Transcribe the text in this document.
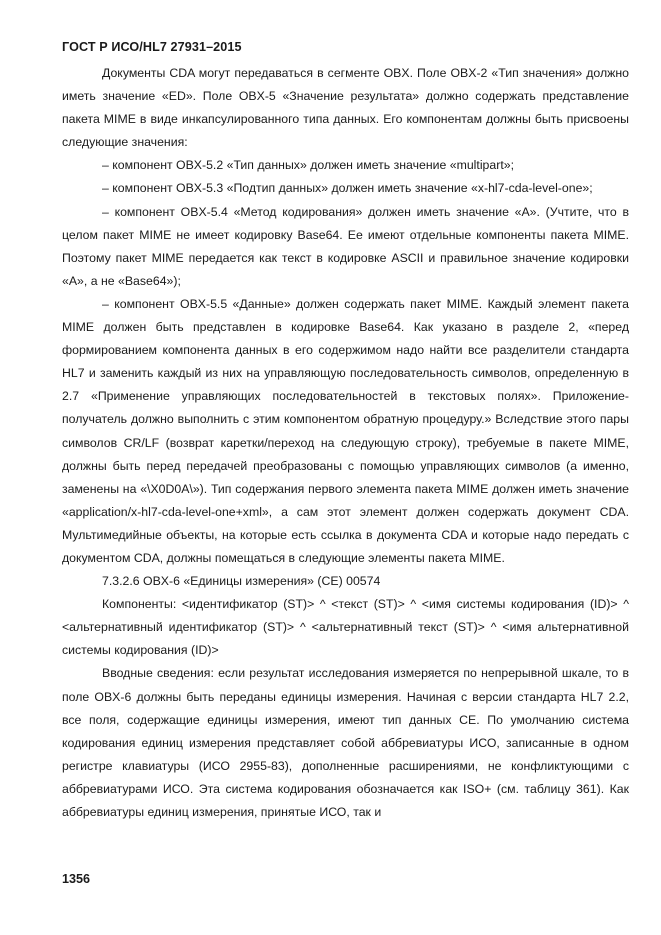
ГОСТ Р ИСО/HL7 27931–2015

Документы CDA могут передаваться в сегменте OBX. Поле OBX-2 «Тип значения» должно иметь значение «ED». Поле OBX-5 «Значение результата» должно содержать представление пакета MIME в виде инкапсулированного типа данных. Его компонентам должны быть присвоены следующие значения:

– компонент OBX-5.2 «Тип данных» должен иметь значение «multipart»;

– компонент OBX-5.3 «Подтип данных» должен иметь значение «x-hl7-cda-level-one»;

– компонент OBX-5.4 «Метод кодирования» должен иметь значение «A». (Учтите, что в целом пакет MIME не имеет кодировку Base64. Ее имеют отдельные компоненты пакета MIME. Поэтому пакет MIME передается как текст в кодировке ASCII и правильное значение кодировки «A», а не «Base64»);

– компонент OBX-5.5 «Данные» должен содержать пакет MIME. Каждый элемент пакета MIME должен быть представлен в кодировке Base64. Как указано в разделе 2, «перед формированием компонента данных в его содержимом надо найти все разделители стандарта HL7 и заменить каждый из них на управляющую последовательность символов, определенную в 2.7 «Применение управляющих последовательностей в текстовых полях». Приложение-получатель должно выполнить с этим компонентом обратную процедуру.» Вследствие этого пары символов CR/LF (возврат каретки/переход на следующую строку), требуемые в пакете MIME, должны быть перед передачей преобразованы с помощью управляющих символов (а именно, заменены на «\X0D0A\»). Тип содержания первого элемента пакета MIME должен иметь значение «application/x-hl7-cda-level-one+xml», а сам этот элемент должен содержать документ CDA. Мультимедийные объекты, на которые есть ссылка в документа CDA и которые надо передать с документом CDA, должны помещаться в следующие элементы пакета MIME.

7.3.2.6 OBX-6 «Единицы измерения» (CE) 00574

Компоненты: <идентификатор (ST)> ^ <текст (ST)> ^ <имя системы кодирования (ID)> ^ <альтернативный идентификатор (ST)> ^ <альтернативный текст (ST)> ^ <имя альтернативной системы кодирования (ID)>

Вводные сведения: если результат исследования измеряется по непрерывной шкале, то в поле OBX-6 должны быть переданы единицы измерения. Начиная с версии стандарта HL7 2.2, все поля, содержащие единицы измерения, имеют тип данных CE. По умолчанию система кодирования единиц измерения представляет собой аббревиатуры ИСО, записанные в одном регистре клавиатуры (ИСО 2955-83), дополненные расширениями, не конфликтующими с аббревиатурами ИСО. Эта система кодирования обозначается как ISO+ (см. таблицу 361). Как аббревиатуры единиц измерения, принятые ИСО, так и

1356
